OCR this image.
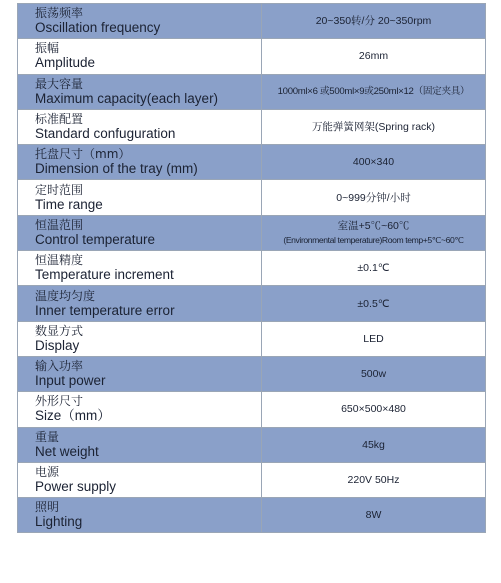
振荡频率
Oscillation frequency	20~350转/分 20~350rpm

振幅
Amplitude	26mm

最大容量
Maximum capacity(each layer)	1000ml×6 或500ml×9或250ml×12（固定夹具）

标准配置
Standard confuguration	万能弹簧网架(Spring rack)

托盘尺寸（mm）
Dimension of the tray (mm)	400×340

定时范围
Time range	0~999分钟/小时

恒温范围
Control temperature	室温+5℃~60℃
(Environmental temperature)Room temp+5℃~60℃

恒温精度
Temperature increment	±0.1℃

温度均匀度
Inner temperature error	±0.5℃

数显方式
Display	LED

输入功率
Input power	500w

外形尺寸
Size（mm）	650×500×480

重量
Net weight	45kg

电源
Power supply	220V 50Hz

照明
Lighting	8W
